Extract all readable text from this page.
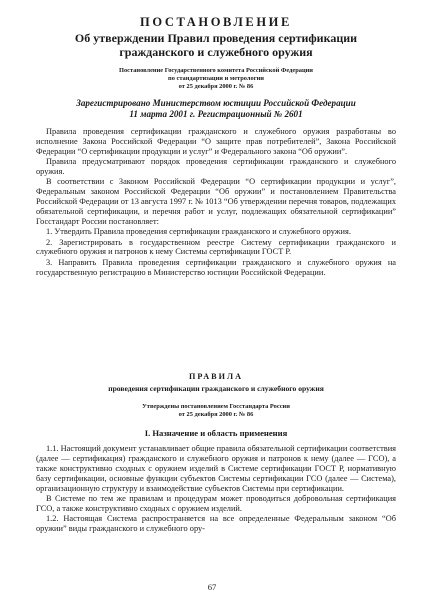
ПОСТАНОВЛЕНИЕ
Об утверждении Правил проведения сертификации гражданского и служебного оружия
Постановление Государственного комитета Российской Федерации
по стандартизации и метрологии
от 25 декабря 2000 г. № 86
Зарегистрировано Министерством юстиции Российской Федерации
11 марта 2001 г. Регистрационный № 2601

Правила проведения сертификации гражданского и служебного оружия разработаны во исполнение Закона Российской Федерации “О защите прав потребителей”, Закона Российской Федерации “О сертификации продукции и услуг” и Федерального закона “Об оружии”.

Правила предусматривают порядок проведения сертификации гражданского и служебного оружия.

В соответствии с Законом Российской Федерации “О сертификации продукции и услуг”, Федеральным законом Российской Федерации “Об оружии” и постановлением Правительства Российской Федерации от 13 августа 1997 г. № 1013 “Об утверждении перечня товаров, подлежащих обязательной сертификации, и перечня работ и услуг, подлежащих обязательной сертификации” Госстандарт России постановляет:

1. Утвердить Правила проведения сертификации гражданского и служебного оружия.

2. Зарегистрировать в государственном реестре Систему сертификации гражданского и служебного оружия и патронов к нему Системы сертификации ГОСТ Р.

3. Направить Правила проведения сертификации гражданского и служебного оружия на государственную регистрацию в Министерство юстиции Российской Федерации.

ПРАВИЛА
проведения сертификации гражданского и служебного оружия
Утверждены постановлением Госстандарта России
от 25 декабря 2000 г. № 86
I. Назначение и область применения

1.1. Настоящий документ устанавливает общие правила обязательной сертификации соответствия (далее — сертификация) гражданского и служебного оружия и патронов к нему (далее — ГСО), а также конструктивно сходных с оружием изделий в Системе сертификации ГОСТ Р, нормативную базу сертификации, основные функции субъектов Системы сертификации ГСО (далее — Система), организационную структуру и взаимодействие субъектов Системы при сертификации.

В Системе по тем же правилам и процедурам может проводиться добровольная сертификация ГСО, а также конструктивно сходных с оружием изделий.

1.2. Настоящая Система распространяется на все определенные Федеральным законом “Об оружии” виды гражданского и служебного ору-

67
